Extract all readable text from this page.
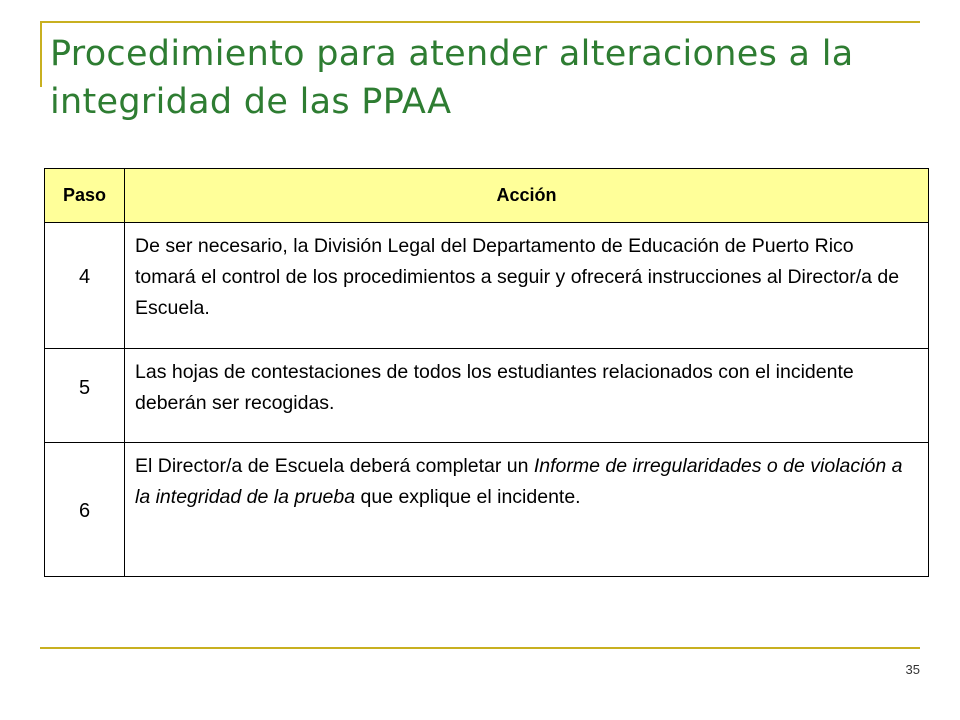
Procedimiento para atender alteraciones a la integridad de las PPAA
Paso	Acción
4	De ser necesario, la División Legal del Departamento de Educación de Puerto Rico tomará el control de los procedimientos a seguir y ofrecerá instrucciones al Director/a de Escuela.
5	Las hojas de contestaciones de todos los estudiantes relacionados con el incidente deberán ser recogidas.
6	El Director/a de Escuela deberá completar un Informe de irregularidades o de violación a la integridad de la prueba que explique el incidente.
35
